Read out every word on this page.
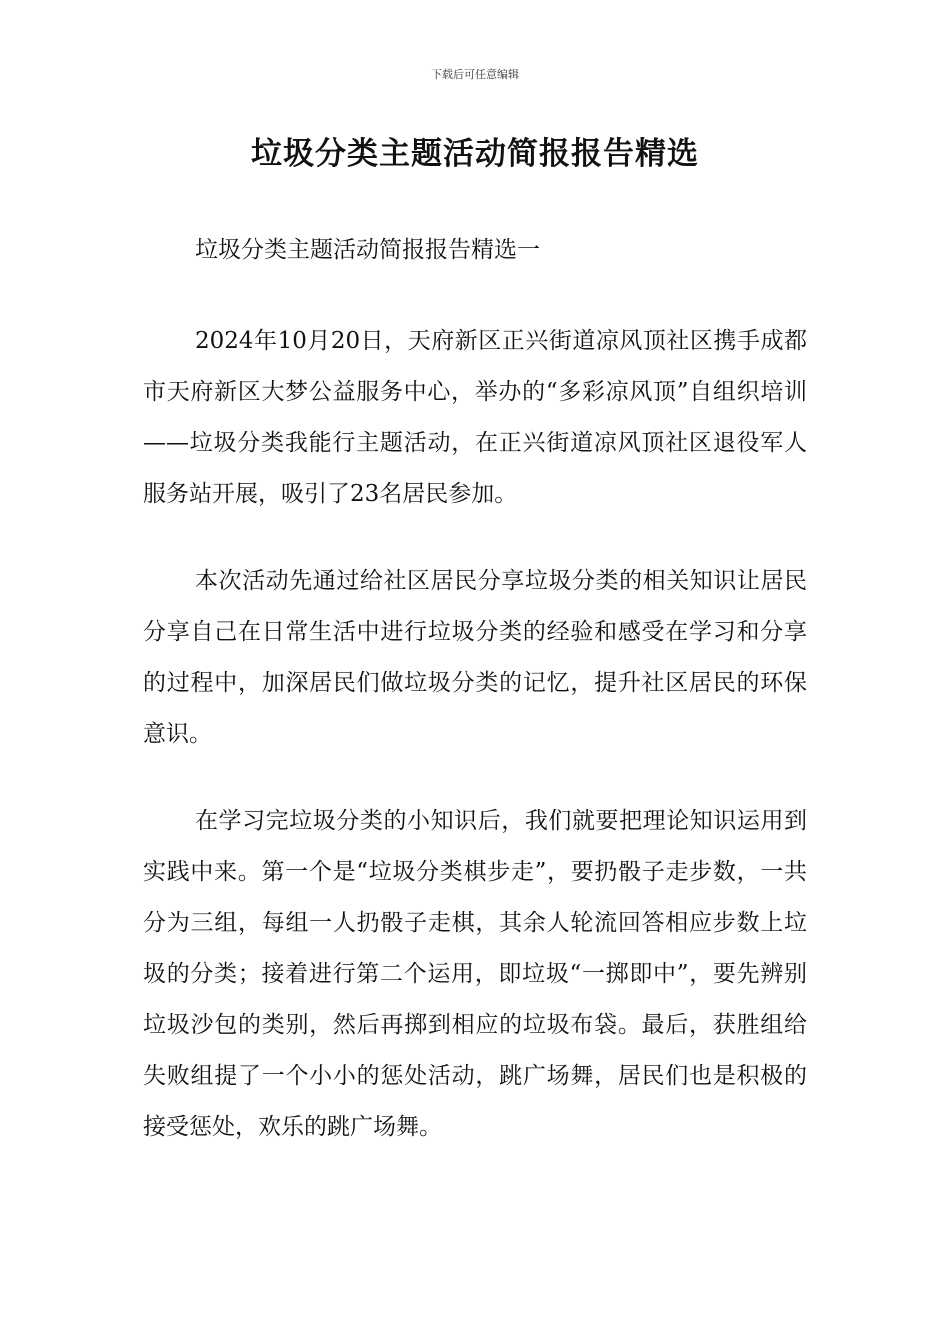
下载后可任意编辑
垃圾分类主题活动简报报告精选

垃圾分类主题活动简报报告精选一

2024年10月20日，天府新区正兴街道凉风顶社区携手成都市天府新区大梦公益服务中心，举办的“多彩凉风顶”自组织培训——垃圾分类我能行主题活动，在正兴街道凉风顶社区退役军人服务站开展，吸引了23名居民参加。

本次活动先通过给社区居民分享垃圾分类的相关知识让居民分享自己在日常生活中进行垃圾分类的经验和感受在学习和分享的过程中，加深居民们做垃圾分类的记忆，提升社区居民的环保意识。

在学习完垃圾分类的小知识后，我们就要把理论知识运用到实践中来。第一个是“垃圾分类棋步走”，要扔骰子走步数，一共分为三组，每组一人扔骰子走棋，其余人轮流回答相应步数上垃圾的分类；接着进行第二个运用，即垃圾“一掷即中”，要先辨别垃圾沙包的类别，然后再掷到相应的垃圾布袋。最后，获胜组给失败组提了一个小小的惩处活动，跳广场舞，居民们也是积极的接受惩处，欢乐的跳广场舞。
